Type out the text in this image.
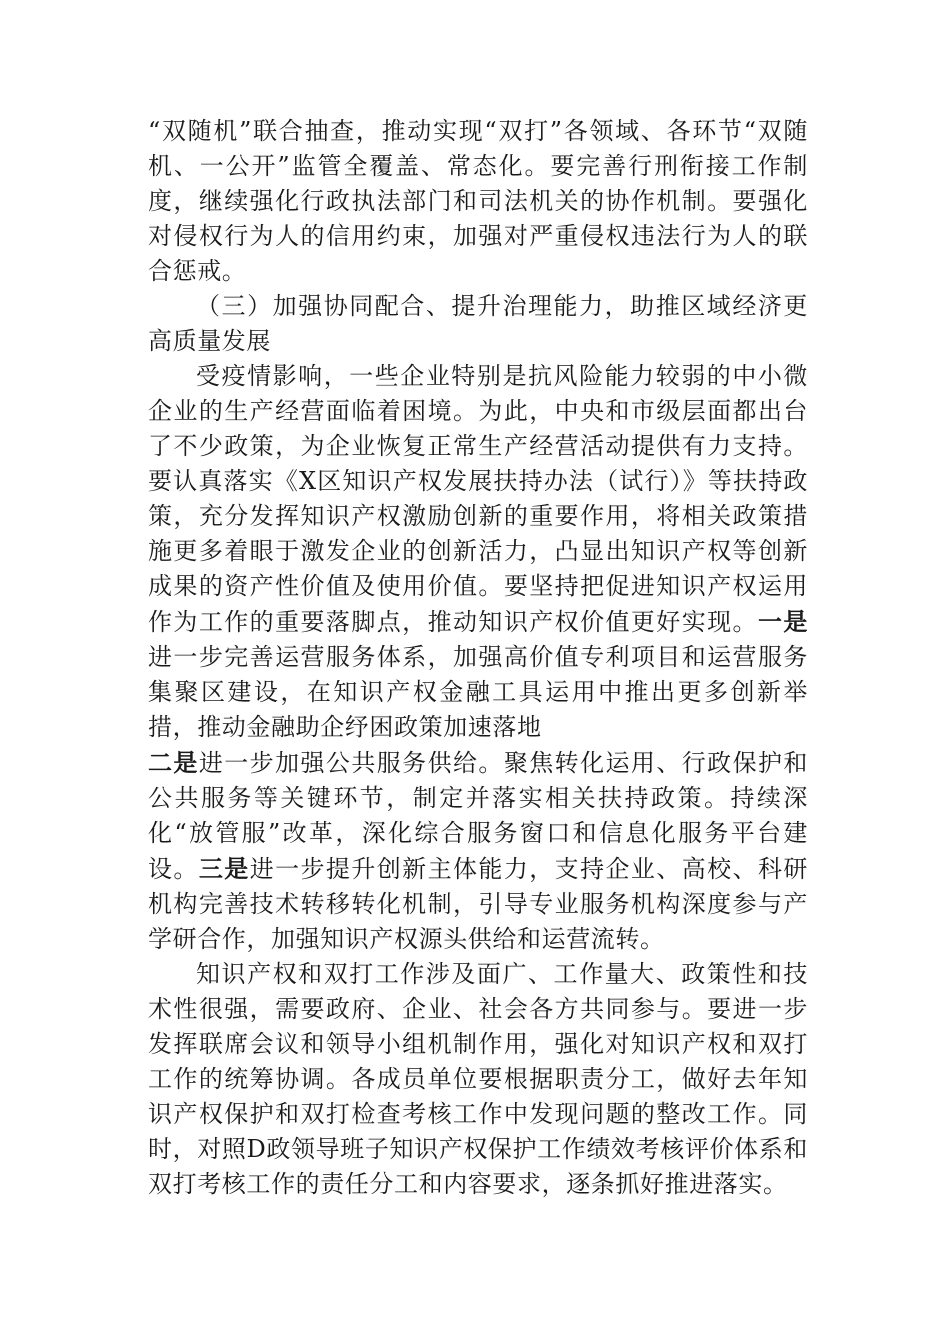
“双随机”联合抽查，推动实现“双打”各领域、各环节“双随机、一公开”监管全覆盖、常态化。要完善行刑衔接工作制度，继续强化行政执法部门和司法机关的协作机制。要强化对侵权行为人的信用约束，加强对严重侵权违法行为人的联合惩戒。

（三）加强协同配合、提升治理能力，助推区域经济更高质量发展

受疫情影响，一些企业特别是抗风险能力较弱的中小微企业的生产经营面临着困境。为此，中央和市级层面都出台了不少政策，为企业恢复正常生产经营活动提供有力支持。要认真落实《X区知识产权发展扶持办法（试行）》等扶持政策，充分发挥知识产权激励创新的重要作用，将相关政策措施更多着眼于激发企业的创新活力，凸显出知识产权等创新成果的资产性价值及使用价值。要坚持把促进知识产权运用作为工作的重要落脚点，推动知识产权价值更好实现。一是进一步完善运营服务体系，加强高价值专利项目和运营服务集聚区建设，在知识产权金融工具运用中推出更多创新举措，推动金融助企纾困政策加速落地
二是进一步加强公共服务供给。聚焦转化运用、行政保护和公共服务等关键环节，制定并落实相关扶持政策。持续深化“放管服”改革，深化综合服务窗口和信息化服务平台建设。三是进一步提升创新主体能力，支持企业、高校、科研机构完善技术转移转化机制，引导专业服务机构深度参与产学研合作，加强知识产权源头供给和运营流转。

知识产权和双打工作涉及面广、工作量大、政策性和技术性很强，需要政府、企业、社会各方共同参与。要进一步发挥联席会议和领导小组机制作用，强化对知识产权和双打工作的统筹协调。各成员单位要根据职责分工，做好去年知识产权保护和双打检查考核工作中发现问题的整改工作。同时，对照D政领导班子知识产权保护工作绩效考核评价体系和双打考核工作的责任分工和内容要求，逐条抓好推进落实。
